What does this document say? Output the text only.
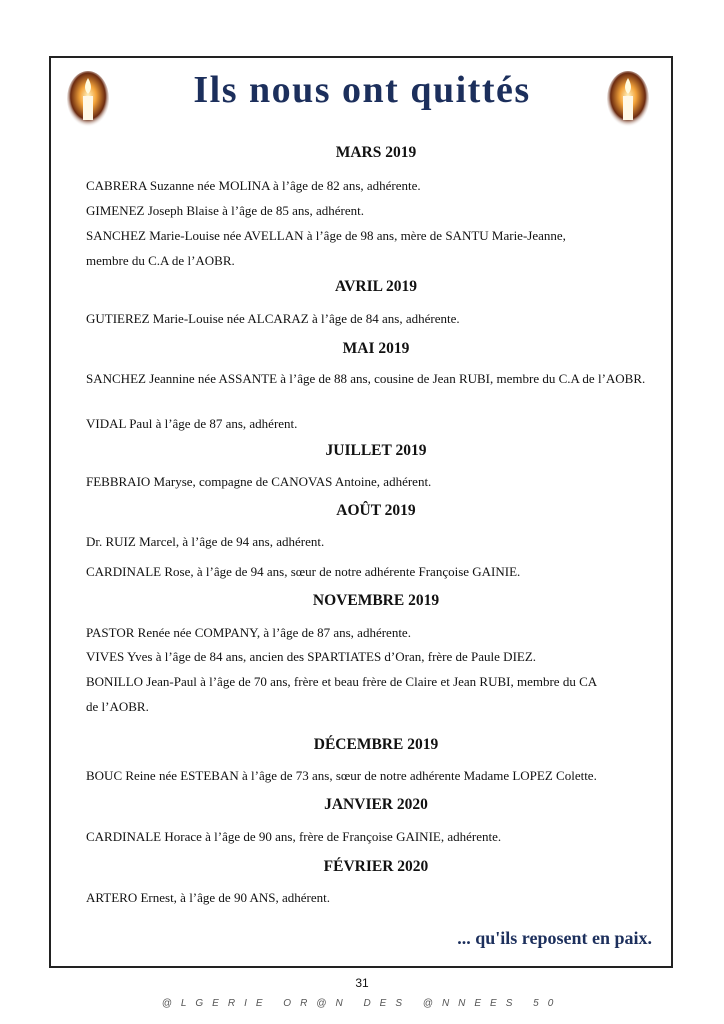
Ils nous ont quittés
MARS 2019

CABRERA Suzanne née MOLINA à l’âge de 82 ans, adhérente.

GIMENEZ Joseph Blaise à l’âge de 85 ans, adhérent.

SANCHEZ Marie-Louise née AVELLAN à l’âge de 98 ans, mère de SANTU Marie-Jeanne,

membre du C.A de l’AOBR.

AVRIL 2019

GUTIEREZ Marie-Louise née ALCARAZ à l’âge de 84 ans, adhérente.

MAI 2019

SANCHEZ Jeannine née ASSANTE à l’âge de 88 ans, cousine de Jean RUBI, membre du C.A de l’AOBR.

VIDAL Paul à l’âge de 87 ans, adhérent.

JUILLET 2019

FEBBRAIO Maryse, compagne de CANOVAS Antoine, adhérent.

AOÛT 2019

Dr. RUIZ Marcel, à l’âge de 94 ans, adhérent.

CARDINALE Rose, à l’âge de 94 ans, sœur de notre adhérente Françoise GAINIE.

NOVEMBRE 2019

PASTOR Renée née COMPANY, à l’âge de 87 ans, adhérente.

VIVES Yves à l’âge de 84 ans, ancien des SPARTIATES d’Oran, frère de Paule DIEZ.

BONILLO Jean-Paul à l’âge de 70 ans, frère et beau frère de Claire et Jean RUBI, membre du CA

de l’AOBR.

DÉCEMBRE 2019

BOUC Reine née ESTEBAN à l’âge de 73 ans, sœur de notre adhérente Madame LOPEZ Colette.

JANVIER 2020

CARDINALE Horace à l’âge de 90 ans, frère de Françoise GAINIE, adhérente.

FÉVRIER 2020

ARTERO Ernest, à l’âge de 90 ANS, adhérent.

... qu'ils reposent en paix.

31

@LGERIE OR@N DES @NNEES 50
